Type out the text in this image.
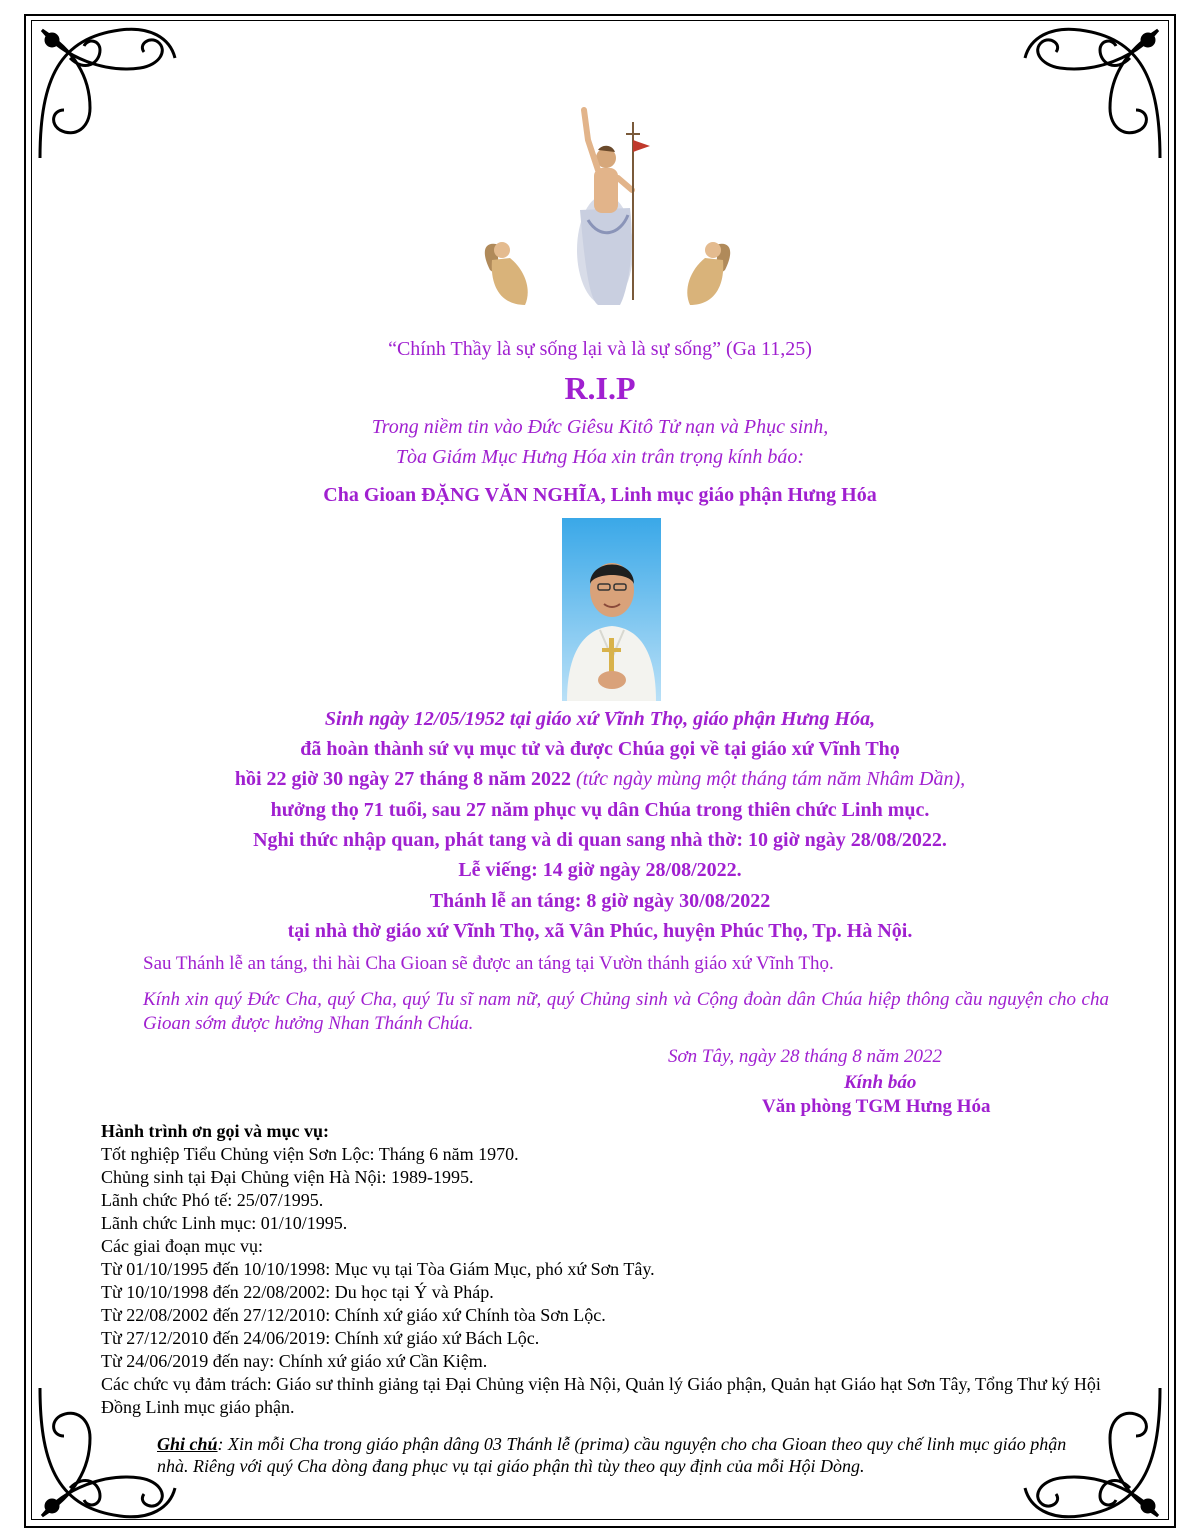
“Chính Thầy là sự sống lại và là sự sống” (Ga 11,25)
R.I.P
Trong niềm tin vào Đức Giêsu Kitô Tử nạn và Phục sinh,
Tòa Giám Mục Hưng Hóa xin trân trọng kính báo:
Cha Gioan ĐẶNG VĂN NGHĨA, Linh mục giáo phận Hưng Hóa
Sinh ngày 12/05/1952 tại giáo xứ Vĩnh Thọ, giáo phận Hưng Hóa,
đã hoàn thành sứ vụ mục tử và được Chúa gọi về tại giáo xứ Vĩnh Thọ
hồi 22 giờ 30 ngày 27 tháng 8 năm 2022 (tức ngày mùng một tháng tám năm Nhâm Dần),
hưởng thọ 71 tuổi, sau 27 năm phục vụ dân Chúa trong thiên chức Linh mục.
Nghi thức nhập quan, phát tang và di quan sang nhà thờ: 10 giờ ngày 28/08/2022.
Lễ viếng: 14 giờ ngày 28/08/2022.
Thánh lễ an táng: 8 giờ ngày 30/08/2022
tại nhà thờ giáo xứ Vĩnh Thọ, xã Vân Phúc, huyện Phúc Thọ, Tp. Hà Nội.
Sau Thánh lễ an táng, thi hài Cha Gioan sẽ được an táng tại Vườn thánh giáo xứ Vĩnh Thọ.
Kính xin quý Đức Cha, quý Cha, quý Tu sĩ nam nữ, quý Chủng sinh và Cộng đoàn dân Chúa hiệp thông cầu nguyện cho cha Gioan sớm được hưởng Nhan Thánh Chúa.
Sơn Tây, ngày 28 tháng 8 năm 2022
Kính báo
Văn phòng TGM Hưng Hóa
Hành trình ơn gọi và mục vụ:
Tốt nghiệp Tiểu Chủng viện Sơn Lộc: Tháng 6 năm 1970.
Chủng sinh tại Đại Chủng viện Hà Nội: 1989-1995.
Lãnh chức Phó tế: 25/07/1995.
Lãnh chức Linh mục: 01/10/1995.
Các giai đoạn mục vụ:
Từ 01/10/1995 đến 10/10/1998: Mục vụ tại Tòa Giám Mục, phó xứ Sơn Tây.
Từ 10/10/1998 đến 22/08/2002: Du học tại Ý và Pháp.
Từ 22/08/2002 đến 27/12/2010: Chính xứ giáo xứ Chính tòa Sơn Lộc.
Từ 27/12/2010 đến 24/06/2019: Chính xứ giáo xứ Bách Lộc.
Từ 24/06/2019 đến nay: Chính xứ giáo xứ Cần Kiệm.
Các chức vụ đảm trách: Giáo sư thỉnh giảng tại Đại Chủng viện Hà Nội, Quản lý Giáo phận, Quản hạt Giáo hạt Sơn Tây, Tổng Thư ký Hội Đồng Linh mục giáo phận.
Ghi chú: Xin mỗi Cha trong giáo phận dâng 03 Thánh lễ (prima) cầu nguyện cho cha Gioan theo quy chế linh mục giáo phận nhà. Riêng với quý Cha dòng đang phục vụ tại giáo phận thì tùy theo quy định của mỗi Hội Dòng.
